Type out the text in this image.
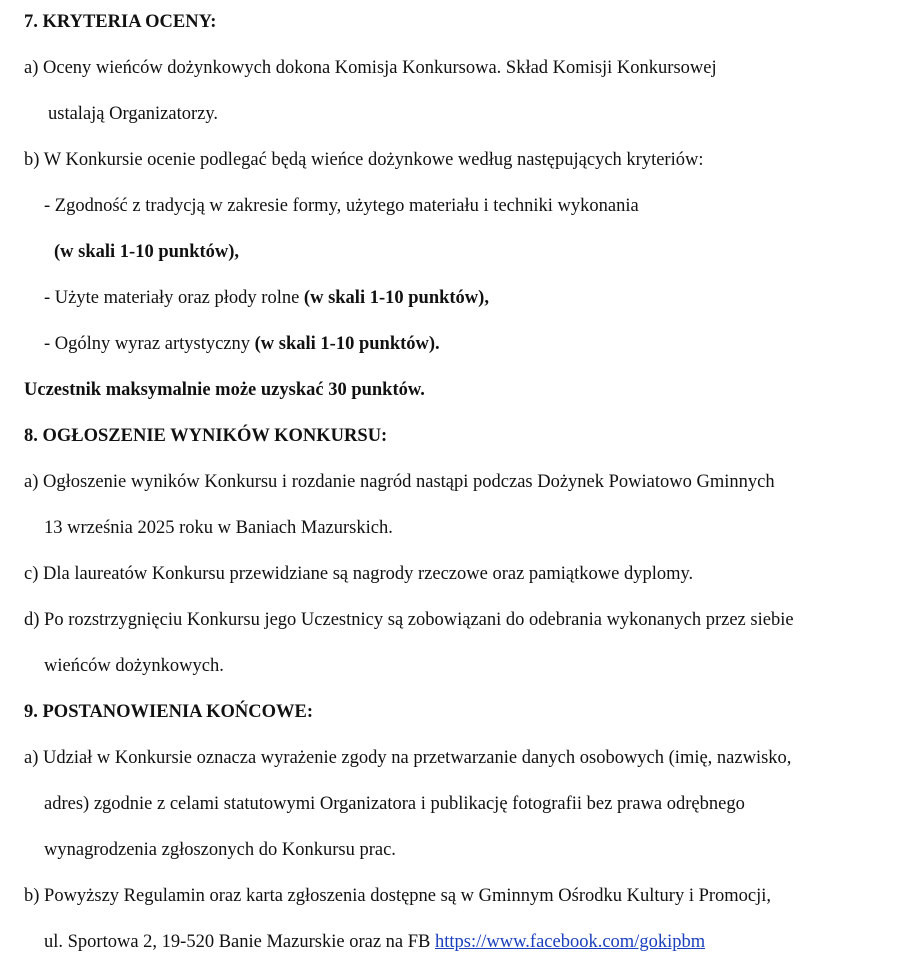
7. KRYTERIA OCENY:
a) Oceny wieńców dożynkowych dokona Komisja Konkursowa. Skład Komisji Konkursowej
ustalają Organizatorzy.
b) W Konkursie ocenie podlegać będą wieńce dożynkowe według następujących kryteriów:
- Zgodność z tradycją w zakresie formy, użytego materiału i techniki wykonania
(w skali 1-10 punktów),
- Użyte materiały oraz płody rolne (w skali 1-10 punktów),
- Ogólny wyraz artystyczny (w skali 1-10 punktów).
Uczestnik maksymalnie może uzyskać 30 punktów.
8. OGŁOSZENIE WYNIKÓW KONKURSU:
a) Ogłoszenie wyników Konkursu i rozdanie nagród nastąpi podczas Dożynek Powiatowo Gminnych
13 września 2025 roku w Baniach Mazurskich.
c) Dla laureatów Konkursu przewidziane są nagrody rzeczowe oraz pamiątkowe dyplomy.
d) Po rozstrzygnięciu Konkursu jego Uczestnicy są zobowiązani do odebrania wykonanych przez siebie
wieńców dożynkowych.
9. POSTANOWIENIA KOŃCOWE:
a) Udział w Konkursie oznacza wyrażenie zgody na przetwarzanie danych osobowych (imię, nazwisko,
adres) zgodnie z celami statutowymi Organizatora i publikację fotografii bez prawa odrębnego
wynagrodzenia zgłoszonych do Konkursu prac.
b) Powyższy Regulamin oraz karta zgłoszenia dostępne są w Gminnym Ośrodku Kultury i Promocji,
ul. Sportowa 2, 19-520 Banie Mazurskie oraz na FB https://www.facebook.com/gokipbm
